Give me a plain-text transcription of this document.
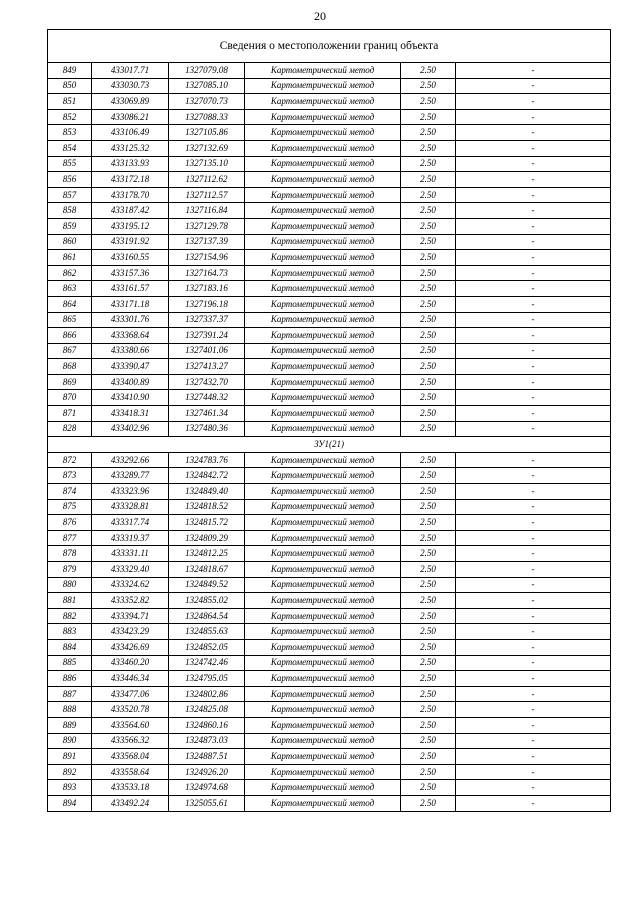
20
Сведения о местоположении границ объекта					
849	433017.71	1327079.08	Картометрический метод	2.50	-
850	433030.73	1327085.10	Картометрический метод	2.50	-
851	433069.89	1327070.73	Картометрический метод	2.50	-
852	433086.21	1327088.33	Картометрический метод	2.50	-
853	433106.49	1327105.86	Картометрический метод	2.50	-
854	433125.32	1327132.69	Картометрический метод	2.50	-
855	433133.93	1327135.10	Картометрический метод	2.50	-
856	433172.18	1327112.62	Картометрический метод	2.50	-
857	433178.70	1327112.57	Картометрический метод	2.50	-
858	433187.42	1327116.84	Картометрический метод	2.50	-
859	433195.12	1327129.78	Картометрический метод	2.50	-
860	433191.92	1327137.39	Картометрический метод	2.50	-
861	433160.55	1327154.96	Картометрический метод	2.50	-
862	433157.36	1327164.73	Картометрический метод	2.50	-
863	433161.57	1327183.16	Картометрический метод	2.50	-
864	433171.18	1327196.18	Картометрический метод	2.50	-
865	433301.76	1327337.37	Картометрический метод	2.50	-
866	433368.64	1327391.24	Картометрический метод	2.50	-
867	433380.66	1327401.06	Картометрический метод	2.50	-
868	433390.47	1327413.27	Картометрический метод	2.50	-
869	433400.89	1327432.70	Картометрический метод	2.50	-
870	433410.90	1327448.32	Картометрический метод	2.50	-
871	433418.31	1327461.34	Картометрический метод	2.50	-
828	433402.96	1327480.36	Картометрический метод	2.50	-
ЗУ1(21)					
872	433292.66	1324783.76	Картометрический метод	2.50	-
873	433289.77	1324842.72	Картометрический метод	2.50	-
874	433323.96	1324849.40	Картометрический метод	2.50	-
875	433328.81	1324818.52	Картометрический метод	2.50	-
876	433317.74	1324815.72	Картометрический метод	2.50	-
877	433319.37	1324809.29	Картометрический метод	2.50	-
878	433331.11	1324812.25	Картометрический метод	2.50	-
879	433329.40	1324818.67	Картометрический метод	2.50	-
880	433324.62	1324849.52	Картометрический метод	2.50	-
881	433352.82	1324855.02	Картометрический метод	2.50	-
882	433394.71	1324864.54	Картометрический метод	2.50	-
883	433423.29	1324855.63	Картометрический метод	2.50	-
884	433426.69	1324852.05	Картометрический метод	2.50	-
885	433460.20	1324742.46	Картометрический метод	2.50	-
886	433446.34	1324795.05	Картометрический метод	2.50	-
887	433477.06	1324802.86	Картометрический метод	2.50	-
888	433520.78	1324825.08	Картометрический метод	2.50	-
889	433564.60	1324860.16	Картометрический метод	2.50	-
890	433566.32	1324873.03	Картометрический метод	2.50	-
891	433568.04	1324887.51	Картометрический метод	2.50	-
892	433558.64	1324926.20	Картометрический метод	2.50	-
893	433533.18	1324974.68	Картометрический метод	2.50	-
894	433492.24	1325055.61	Картометрический метод	2.50	-
